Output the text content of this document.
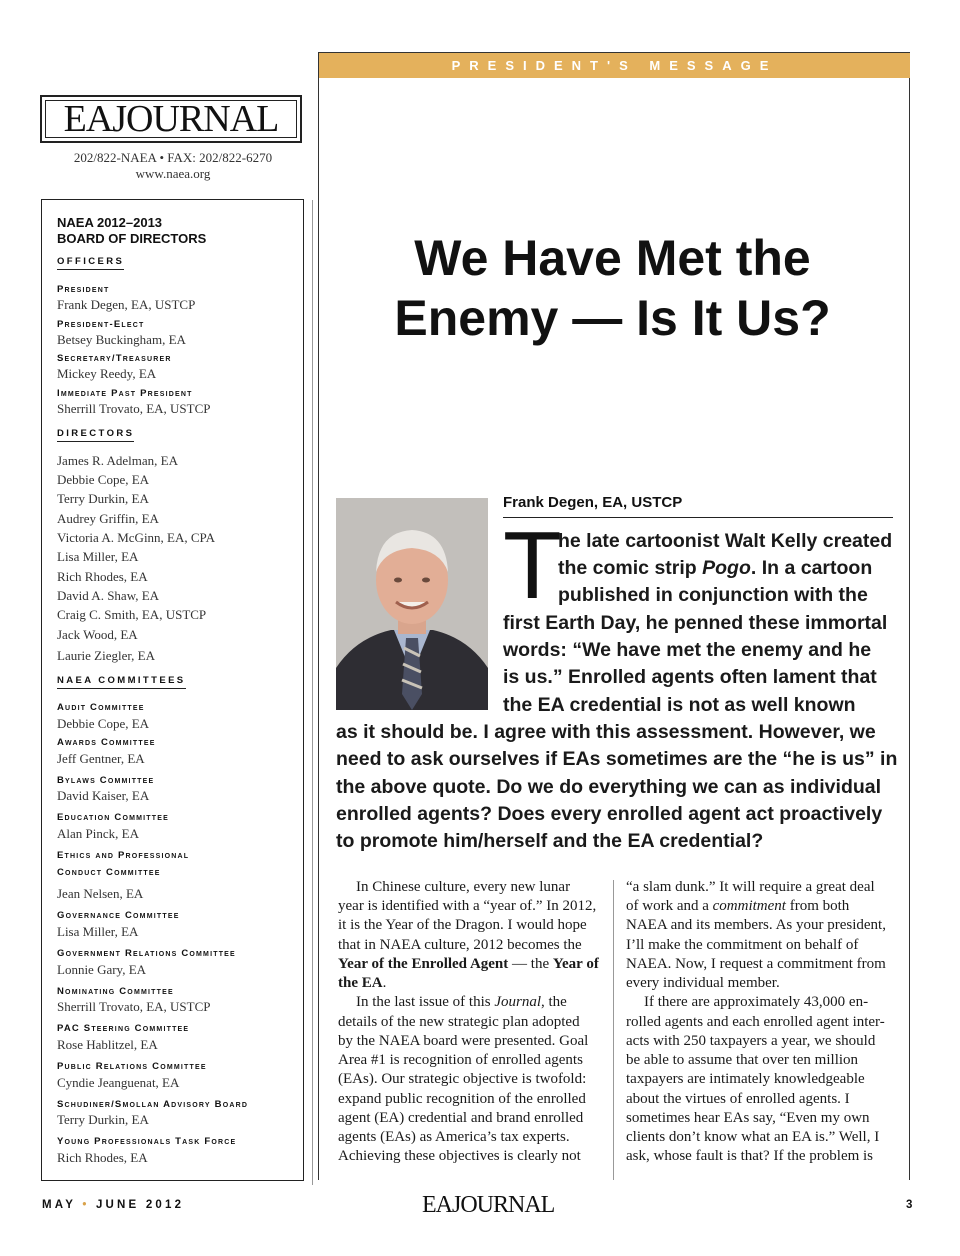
EAJOURNAL
202/822-NAEA • FAX: 202/822-6270
www.naea.org
NAEA 2012–2013
BOARD OF DIRECTORS
OFFICERS
President
Frank Degen, EA, USTCP
President-Elect
Betsey Buckingham, EA
Secretary/Treasurer
Mickey Reedy, EA
Immediate Past President
Sherrill Trovato, EA, USTCP
DIRECTORS
James R. Adelman, EA
Debbie Cope, EA
Terry Durkin, EA
Audrey Griffin, EA
Victoria A. McGinn, EA, CPA
Lisa Miller, EA
Rich Rhodes, EA
David A. Shaw, EA
Craig C. Smith, EA, USTCP
Jack Wood, EA
Laurie Ziegler, EA
NAEA COMMITTEES
Audit Committee
Debbie Cope, EA
Awards Committee
Jeff Gentner, EA
Bylaws Committee
David Kaiser, EA
Education Committee
Alan Pinck, EA
Ethics and Professional
Conduct Committee
Jean Nelsen, EA
Governance Committee
Lisa Miller, EA
Government Relations Committee
Lonnie Gary, EA
Nominating Committee
Sherrill Trovato, EA, USTCP
PAC Steering Committee
Rose Hablitzel, EA
Public Relations Committee
Cyndie Jeanguenat, EA
Schudiner/Smollan Advisory Board
Terry Durkin, EA
Young Professionals Task Force
Rich Rhodes, EA
PRESIDENT'S MESSAGE
We Have Met the
Enemy — Is It Us?
Frank Degen, EA, USTCP
T
he late cartoonist Walt Kelly created
the comic strip Pogo. In a cartoon
published in conjunction with the
first Earth Day, he penned these immortal
words: “We have met the enemy and he
is us.” Enrolled agents often lament that
the EA credential is not as well known
as it should be. I agree with this assessment. However, we
need to ask ourselves if EAs sometimes are the “he is us” in
the above quote. Do we do everything we can as individual
enrolled agents? Does every enrolled agent act proactively
to promote him/herself and the EA credential?
In Chinese culture, every new lunar
year is identified with a “year of.” In 2012,
it is the Year of the Dragon. I would hope
that in NAEA culture, 2012 becomes the
Year of the Enrolled Agent — the Year of
the EA.
In the last issue of this Journal, the
details of the new strategic plan adopted
by the NAEA board were presented. Goal
Area #1 is recognition of enrolled agents
(EAs). Our strategic objective is twofold:
expand public recognition of the enrolled
agent (EA) credential and brand enrolled
agents (EAs) as America’s tax experts.
Achieving these objectives is clearly not
“a slam dunk.” It will require a great deal
of work and a commitment from both
NAEA and its members. As your president,
I’ll make the commitment on behalf of
NAEA. Now, I request a commitment from
every individual member.
If there are approximately 43,000 en-
rolled agents and each enrolled agent inter-
acts with 250 taxpayers a year, we should
be able to assume that over ten million
taxpayers are intimately knowledgeable
about the virtues of enrolled agents. I
sometimes hear EAs say, “Even my own
clients don’t know what an EA is.” Well, I
ask, whose fault is that? If the problem is
MAY • JUNE 2012	EAJOURNAL	3
